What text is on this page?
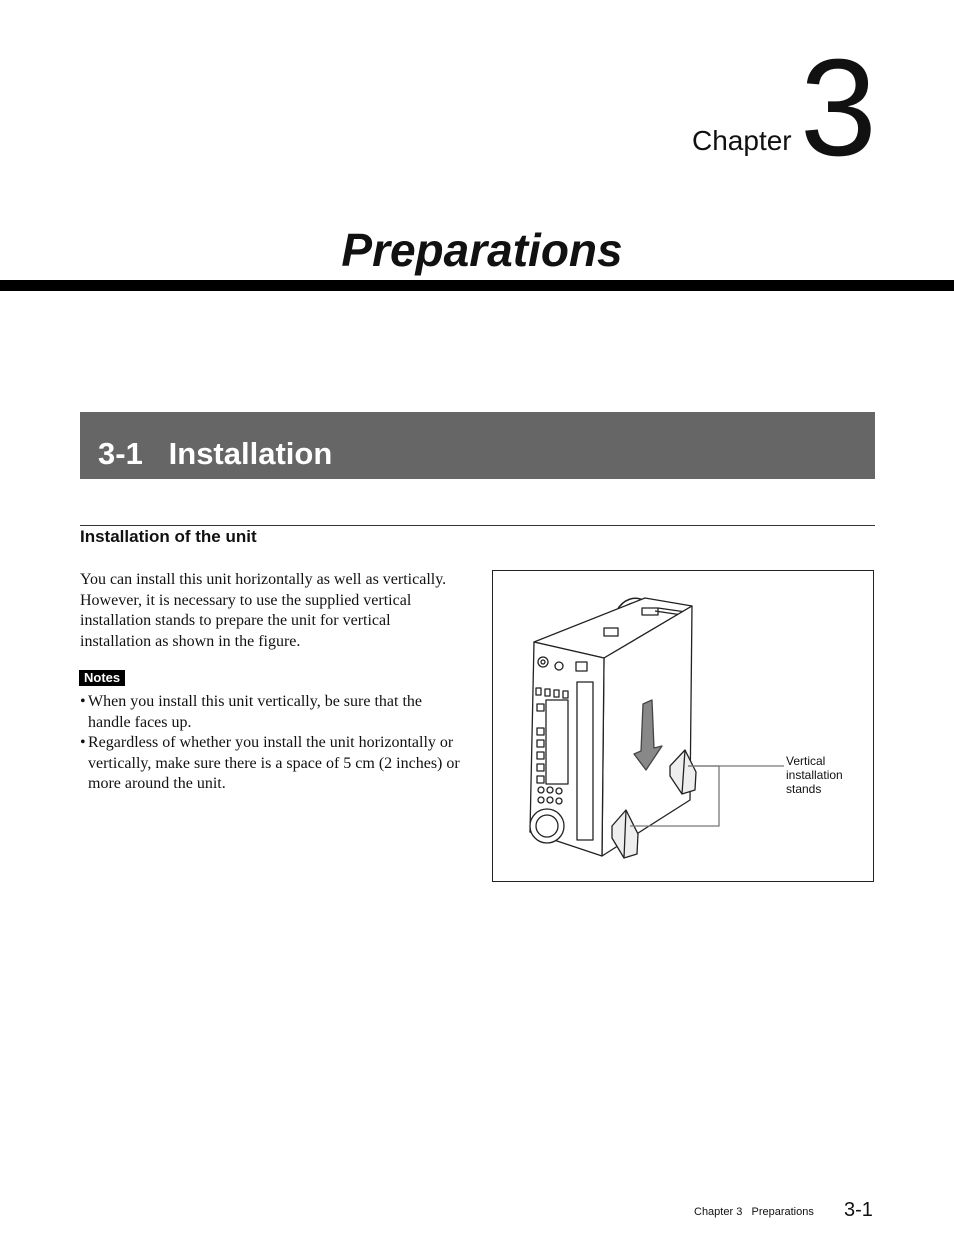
Chapter 3
Preparations
3-1   Installation
Installation of the unit
You can install this unit horizontally as well as vertically. However, it is necessary to use the supplied vertical installation stands to prepare the unit for vertical installation as shown in the figure.
Notes
• When you install this unit vertically, be sure that the handle faces up.
• Regardless of whether you install the unit horizontally or vertically, make sure there is a space of 5 cm (2 inches) or more around the unit.
Vertical
installation
stands
Chapter 3   Preparations 3-1
